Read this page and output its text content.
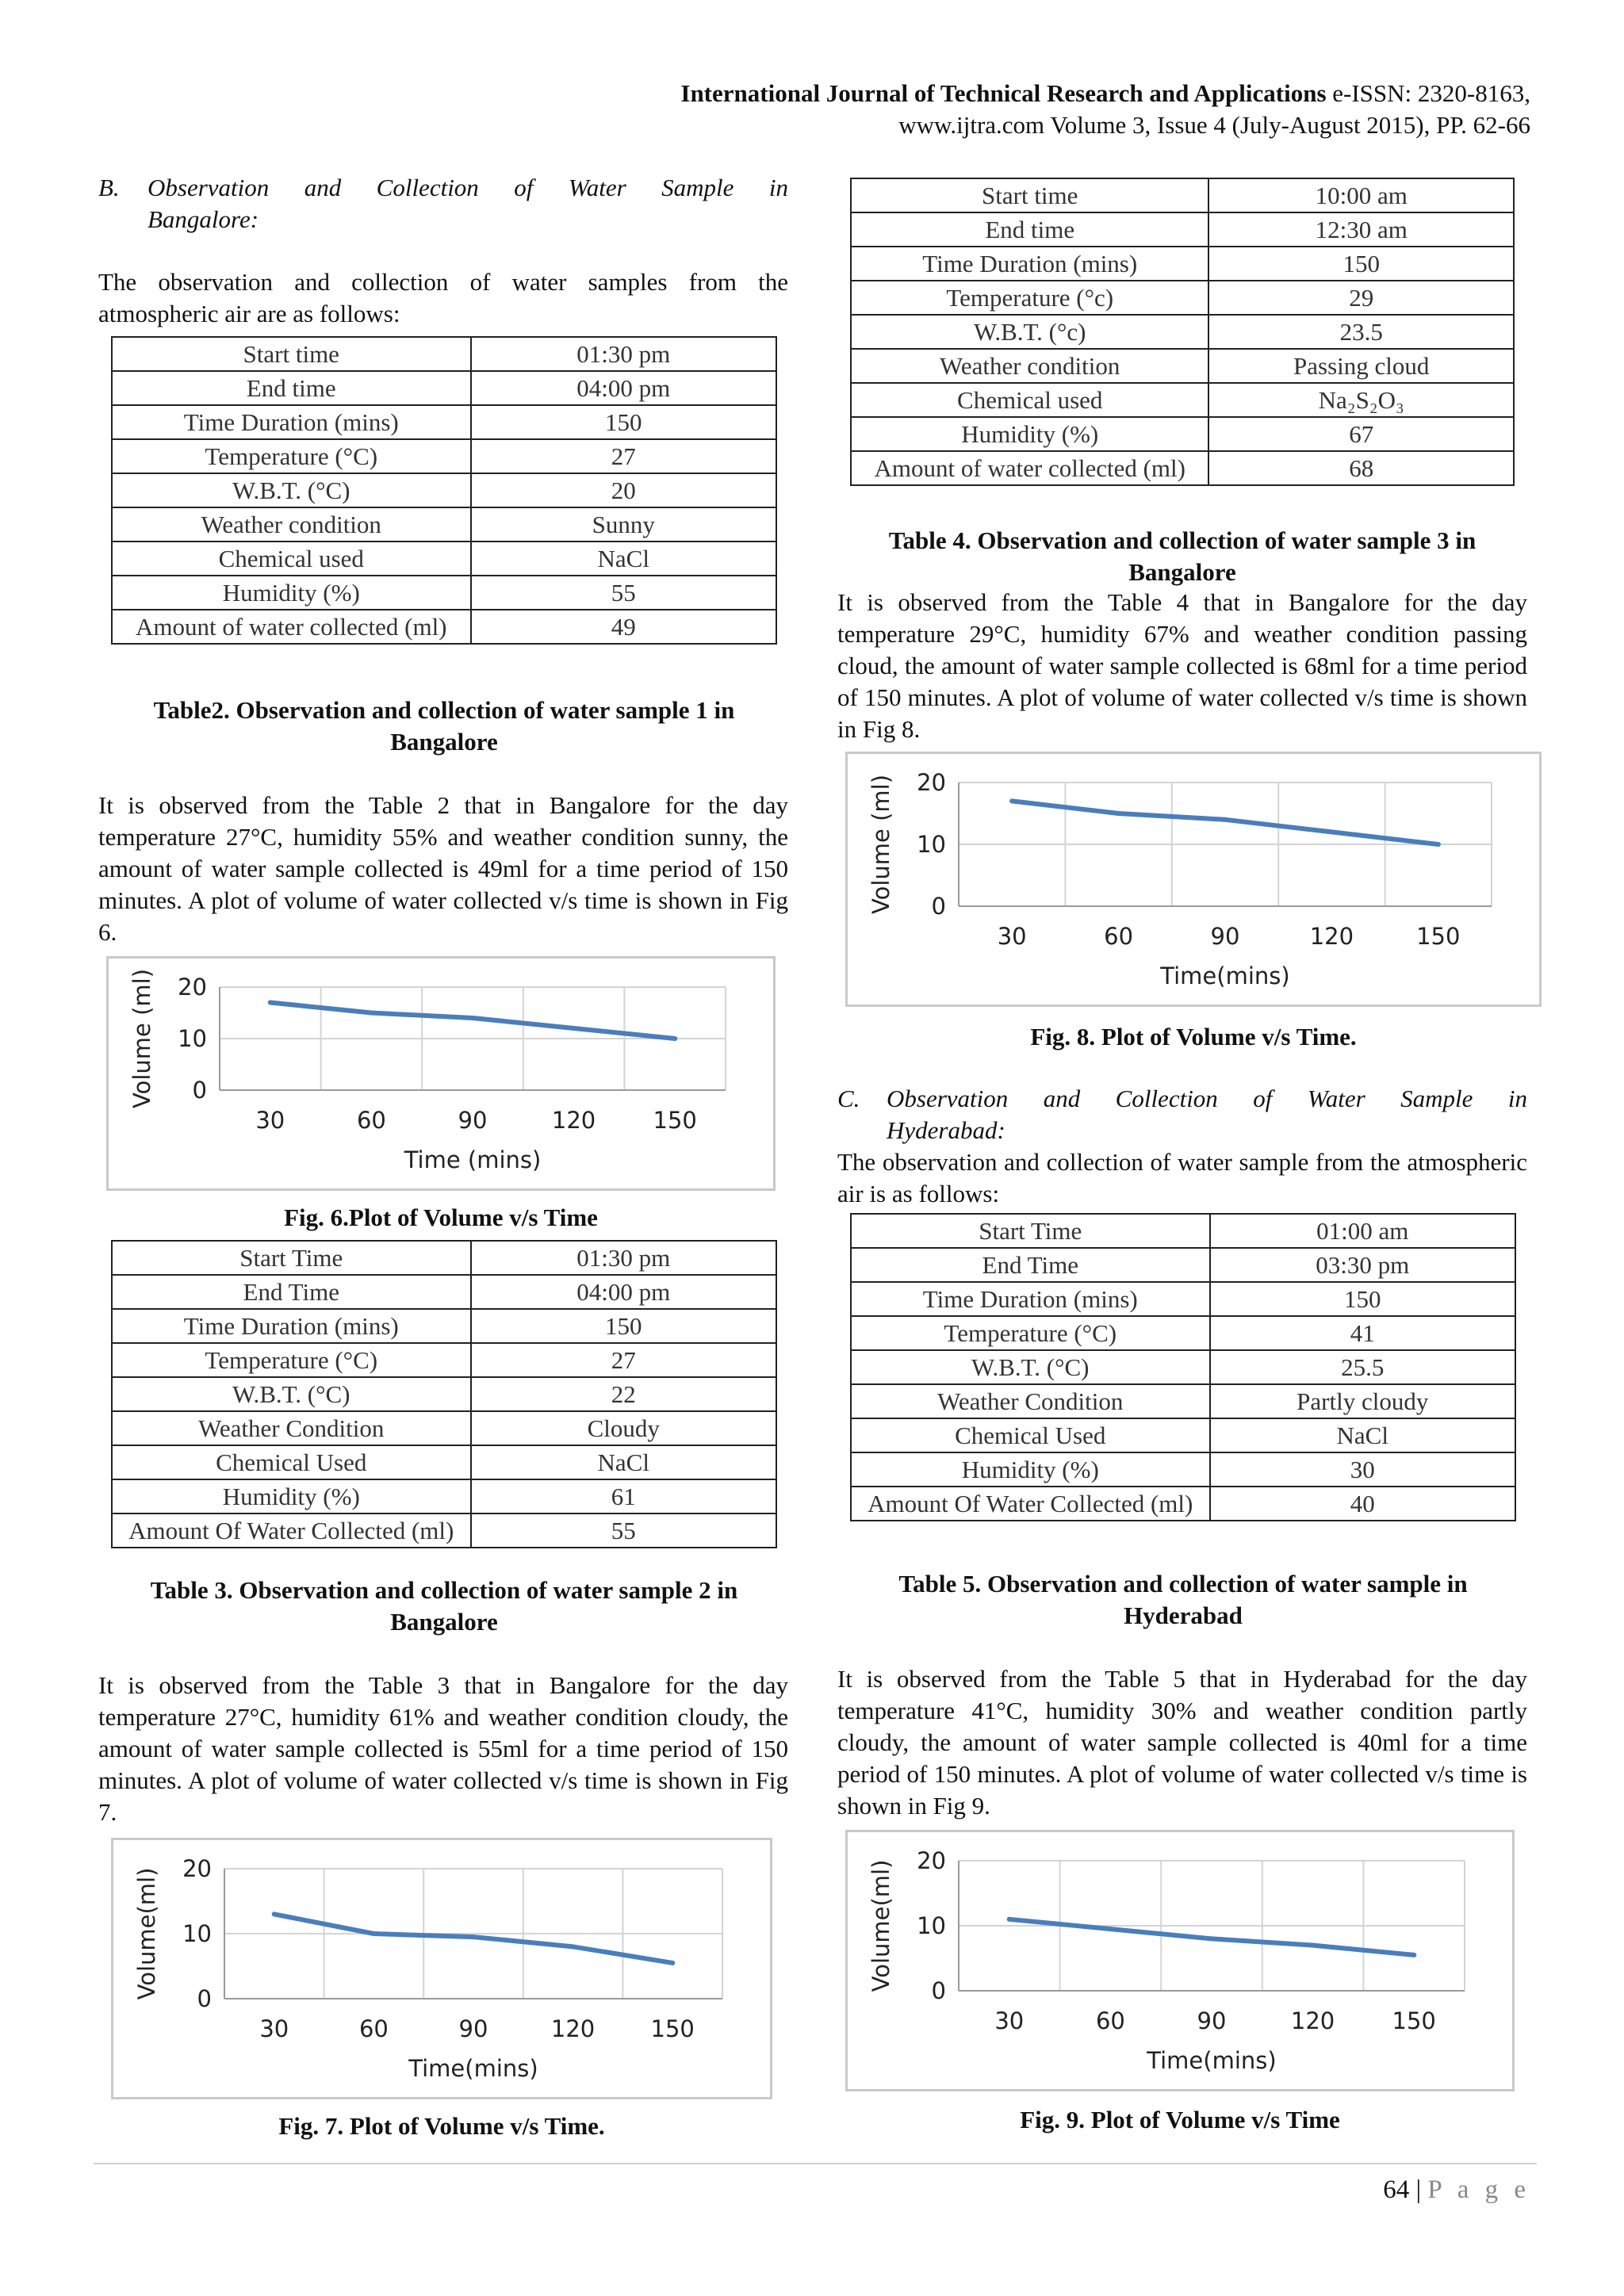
International Journal of Technical Research and Applications e-ISSN: 2320-8163,
www.ijtra.com Volume 3, Issue 4 (July-August 2015), PP. 62-66
B. Observation and Collection of Water Sample in
Bangalore:
The observation and collection of water samples from the atmospheric air are as follows:
Start time	01:30 pm
End time	04:00 pm
Time Duration (mins)	150
Temperature (°C)	27
W.B.T. (°C)	20
Weather condition	Sunny
Chemical used	NaCl
Humidity (%)	55
Amount of water collected (ml)	49
Table2. Observation and collection of water sample 1 in Bangalore
It is observed from the Table 2 that in Bangalore for the day temperature 27°C, humidity 55% and weather condition sunny, the amount of water sample collected is 49ml for a time period of 150 minutes. A plot of volume of water collected v/s time is shown in Fig 6.
0
10
20
30	60	90	120 150
Time (mins)
Volume (ml)
Fig. 6.Plot of Volume v/s Time
Start Time	01:30 pm
End Time	04:00 pm
Time Duration (mins)	150
Temperature (°C)	27
W.B.T. (°C)	22
Weather Condition	Cloudy
Chemical Used	NaCl
Humidity (%)	61
Amount Of Water Collected (ml)	55
Table 3. Observation and collection of water sample 2 in Bangalore
It is observed from the Table 3 that in Bangalore for the day temperature 27°C, humidity 61% and weather condition cloudy, the amount of water sample collected is 55ml for a time period of 150 minutes. A plot of volume of water collected v/s time is shown in Fig 7.
0
10
20
30	60	90	120 150
Time(mins)
Volume(ml)
Fig. 7. Plot of Volume v/s Time.
Start time	10:00 am
End time	12:30 am
Time Duration (mins)	150
Temperature (°c)	29
W.B.T. (°c)	23.5
Weather condition	Passing cloud
Chemical used	Na₂S₂O₃
Humidity (%)	67
Amount of water collected (ml)	68
Table 4. Observation and collection of water sample 3 in Bangalore
It is observed from the Table 4 that in Bangalore for the day temperature 29°C, humidity 67% and weather condition passing cloud, the amount of water sample collected is 68ml for a time period of 150 minutes. A plot of volume of water collected v/s time is shown in Fig 8.
0
10
20
30	60	90	120	150
Time(mins)
Volume (ml)
Fig. 8. Plot of Volume v/s Time.
C. Observation and Collection of Water Sample in
Hyderabad:
The observation and collection of water sample from the atmospheric air is as follows:
Start Time	01:00 am
End Time	03:30 pm
Time Duration (mins)	150
Temperature (°C)	41
W.B.T. (°C)	25.5
Weather Condition	Partly cloudy
Chemical Used	NaCl
Humidity (%)	30
Amount Of Water Collected (ml)	40
Table 5. Observation and collection of water sample in Hyderabad
It is observed from the Table 5 that in Hyderabad for the day temperature 41°C, humidity 30% and weather condition partly cloudy, the amount of water sample collected is 40ml for a time period of 150 minutes. A plot of volume of water collected v/s time is shown in Fig 9.
0
10
20
30	60	90	120 150
Time(mins)
Volume(ml)
Fig. 9. Plot of Volume v/s Time
64 | P a g e
